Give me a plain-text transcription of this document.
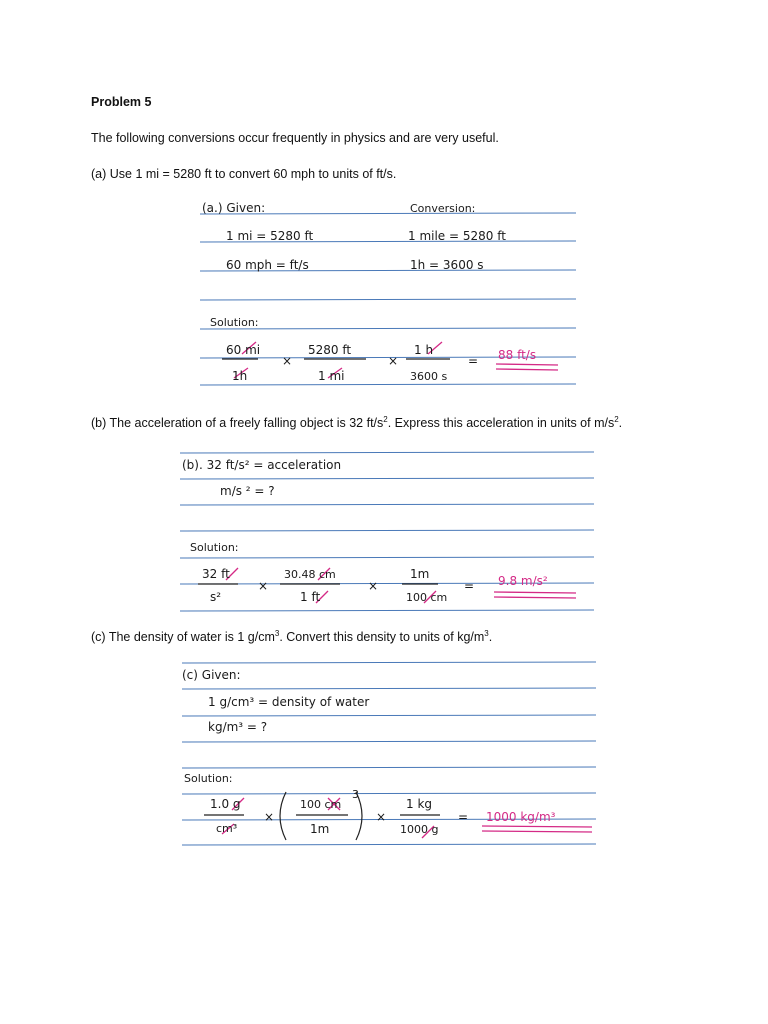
Problem 5
The following conversions occur frequently in physics and are very useful.
(a) Use 1 mi = 5280 ft to convert 60 mph to units of ft/s.
(b) The acceleration of a freely falling object is 32 $ft/s^2$. Express this acceleration in units of $m/s^2$.
(c) The density of water is 1 $g/cm^3$. Convert this density to units of $kg/m^3$.
(a.) Given:	Conversion:
1 mi = 5280 ft
60 mph = ft/s
1 mile = 5280 ft
1h = 3600 s
Solution:
60 mi
1h
×
5280 ft
1 mi
×
1 h
3600 s
= 88 ft/s
(b). 32 ft/s² = acceleration
m/s ² = ?
Solution:
32 ft
s²
×
30.48 cm
1 ft
×
1m
100 cm
= 9.8 m/s²
(c) Given:
1 g/cm³ = density of water
kg/m³ = ?
Solution:
1.0 g
cm³
×
100 cm
3
1m
×
1 kg
1000 g
= 1000 kg/m³
